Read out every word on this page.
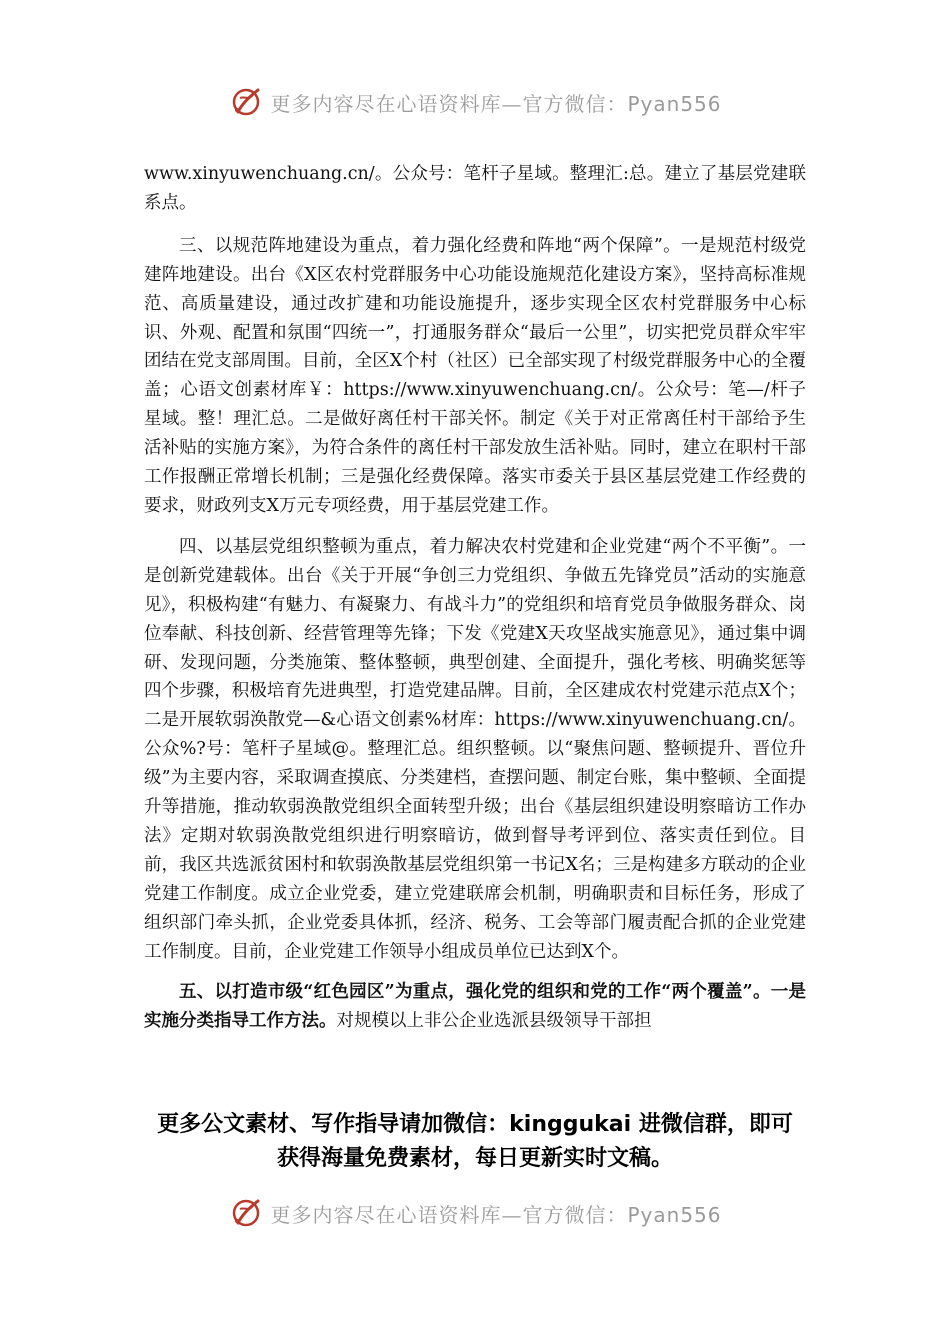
更多内容尽在心语资料库—官方微信：Pyan556

www.xinyuwenchuang.cn/。公众号：笔杆子星域。整理汇:总。建立了基层党建联系点。

三、以规范阵地建设为重点，着力强化经费和阵地“两个保障”。一是规范村级党建阵地建设。出台《X区农村党群服务中心功能设施规范化建设方案》，坚持高标准规范、高质量建设，通过改扩建和功能设施提升，逐步实现全区农村党群服务中心标识、外观、配置和氛围“四统一”，打通服务群众“最后一公里”，切实把党员群众牢牢团结在党支部周围。目前，全区X个村（社区）已全部实现了村级党群服务中心的全覆盖；心语文创素材库￥：https://www.xinyuwenchuang.cn/。公众号：笔—/杆子星域。整！理汇总。二是做好离任村干部关怀。制定《关于对正常离任村干部给予生活补贴的实施方案》，为符合条件的离任村干部发放生活补贴。同时，建立在职村干部工作报酬正常增长机制；三是强化经费保障。落实市委关于县区基层党建工作经费的要求，财政列支X万元专项经费，用于基层党建工作。

四、以基层党组织整顿为重点，着力解决农村党建和企业党建“两个不平衡”。一是创新党建载体。出台《关于开展“争创三力党组织、争做五先锋党员”活动的实施意见》，积极构建“有魅力、有凝聚力、有战斗力”的党组织和培育党员争做服务群众、岗位奉献、科技创新、经营管理等先锋；下发《党建X天攻坚战实施意见》，通过集中调研、发现问题，分类施策、整体整顿，典型创建、全面提升，强化考核、明确奖惩等四个步骤，积极培育先进典型，打造党建品牌。目前，全区建成农村党建示范点X个；二是开展软弱涣散党—&心语文创素%材库：https://www.xinyuwenchuang.cn/。公众%?号：笔杆子星域@。整理汇总。组织整顿。以“聚焦问题、整顿提升、晋位升级”为主要内容，采取调查摸底、分类建档，查摆问题、制定台账，集中整顿、全面提升等措施，推动软弱涣散党组织全面转型升级；出台《基层组织建设明察暗访工作办法》定期对软弱涣散党组织进行明察暗访，做到督导考评到位、落实责任到位。目前，我区共选派贫困村和软弱涣散基层党组织第一书记X名；三是构建多方联动的企业党建工作制度。成立企业党委，建立党建联席会机制，明确职责和目标任务，形成了组织部门牵头抓，企业党委具体抓，经济、税务、工会等部门履责配合抓的企业党建工作制度。目前，企业党建工作领导小组成员单位已达到X个。

五、以打造市级“红色园区”为重点，强化党的组织和党的工作“两个覆盖”。一是实施分类指导工作方法。对规模以上非公企业选派县级领导干部担

更多公文素材、写作指导请加微信：kinggukai 进微信群，即可
获得海量免费素材，每日更新实时文稿。
更多内容尽在心语资料库—官方微信：Pyan556
